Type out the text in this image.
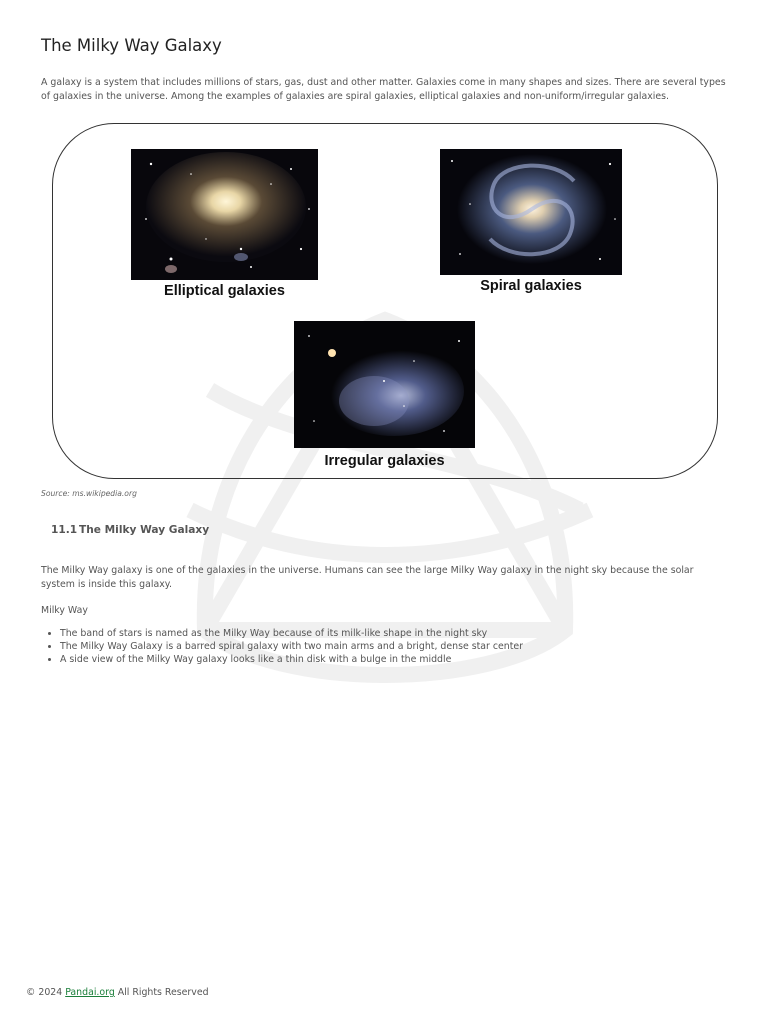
The Milky Way Galaxy

A galaxy is a system that includes millions of stars, gas, dust and other matter. Galaxies come in many shapes and sizes. There are several types of galaxies in the universe. Among the examples of galaxies are spiral galaxies, elliptical galaxies and non-uniform/irregular galaxies.

Elliptical galaxies	Spiral galaxies
Irregular galaxies

Source: ms.wikipedia.org

11.1 The Milky Way Galaxy

The Milky Way galaxy is one of the galaxies in the universe. Humans can see the large Milky Way galaxy in the night sky because the solar system is inside this galaxy.

Milky Way

• The band of stars is named as the Milky Way because of its milk-like shape in the night sky
• The Milky Way Galaxy is a barred spiral galaxy with two main arms and a bright, dense star center
• A side view of the Milky Way galaxy looks like a thin disk with a bulge in the middle

© 2024 Pandai.org All Rights Reserved
